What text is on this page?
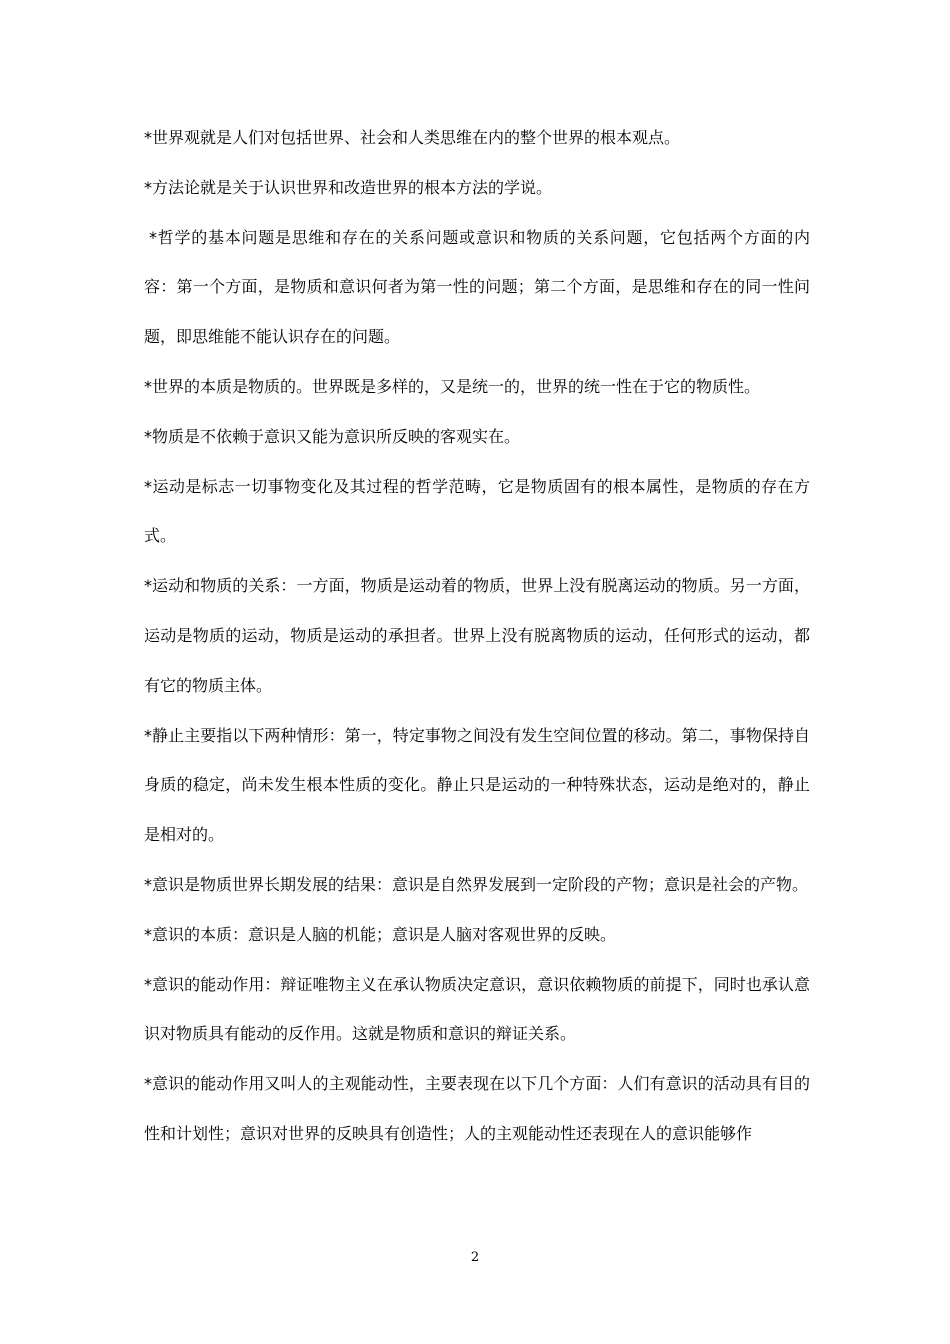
*世界观就是人们对包括世界、社会和人类思维在内的整个世界的根本观点。

*方法论就是关于认识世界和改造世界的根本方法的学说。

*哲学的基本问题是思维和存在的关系问题或意识和物质的关系问题，它包括两个方面的内容：第一个方面，是物质和意识何者为第一性的问题；第二个方面，是思维和存在的同一性问题，即思维能不能认识存在的问题。

*世界的本质是物质的。世界既是多样的，又是统一的，世界的统一性在于它的物质性。

*物质是不依赖于意识又能为意识所反映的客观实在。

*运动是标志一切事物变化及其过程的哲学范畴，它是物质固有的根本属性，是物质的存在方式。

*运动和物质的关系：一方面，物质是运动着的物质，世界上没有脱离运动的物质。另一方面，运动是物质的运动，物质是运动的承担者。世界上没有脱离物质的运动，任何形式的运动，都有它的物质主体。

*静止主要指以下两种情形：第一，特定事物之间没有发生空间位置的移动。第二，事物保持自身质的稳定，尚未发生根本性质的变化。静止只是运动的一种特殊状态，运动是绝对的，静止是相对的。

*意识是物质世界长期发展的结果：意识是自然界发展到一定阶段的产物；意识是社会的产物。

*意识的本质：意识是人脑的机能；意识是人脑对客观世界的反映。

*意识的能动作用：辩证唯物主义在承认物质决定意识，意识依赖物质的前提下，同时也承认意识对物质具有能动的反作用。这就是物质和意识的辩证关系。

*意识的能动作用又叫人的主观能动性，主要表现在以下几个方面：人们有意识的活动具有目的性和计划性；意识对世界的反映具有创造性；人的主观能动性还表现在人的意识能够作

2
